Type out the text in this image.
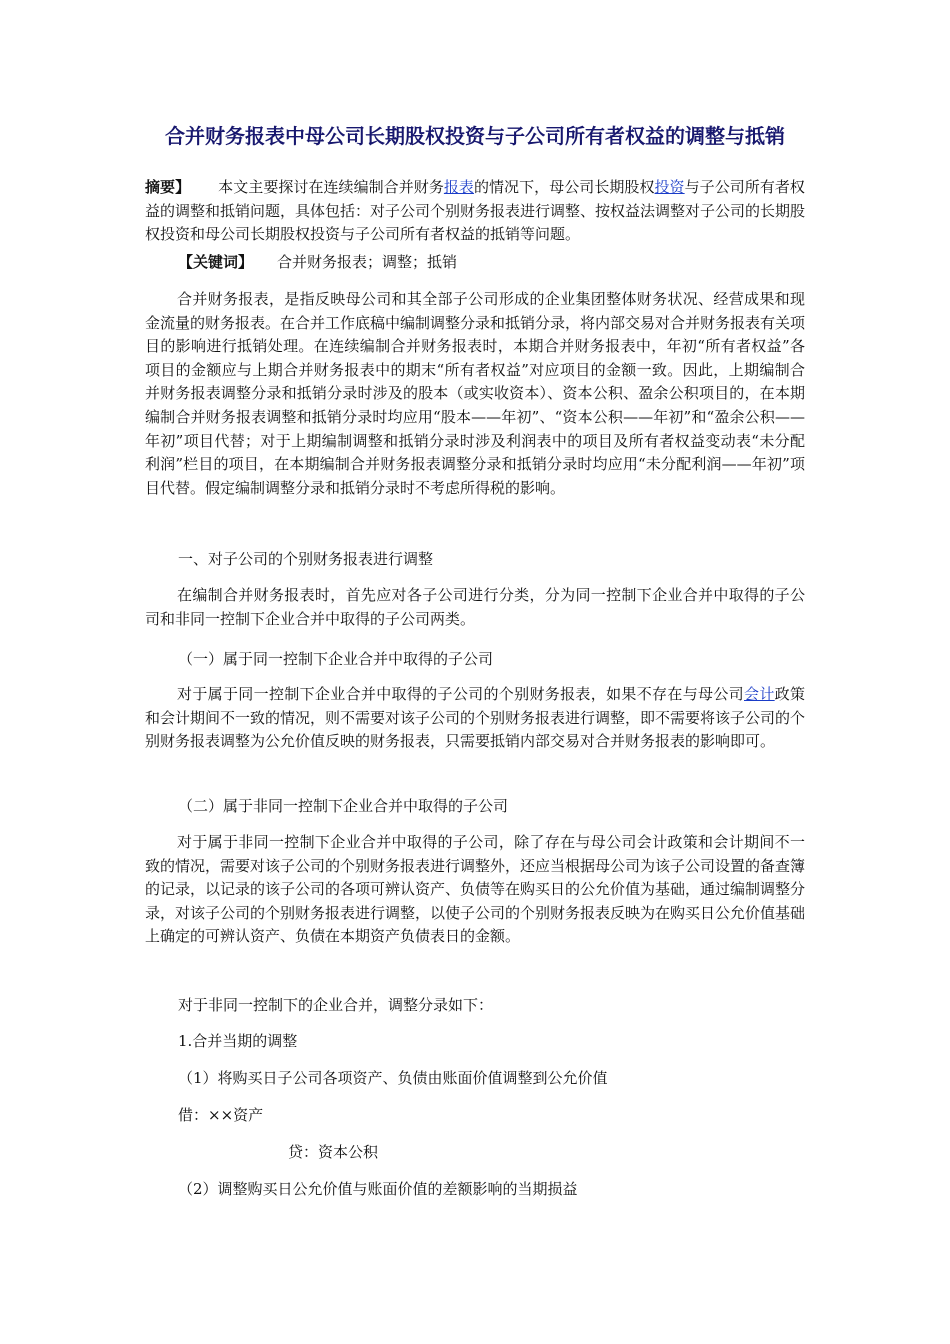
合并财务报表中母公司长期股权投资与子公司所有者权益的调整与抵销
摘要】 本文主要探讨在连续编制合并财务报表的情况下，母公司长期股权投资与子公司所有者权益的调整和抵销问题，具体包括：对子公司个别财务报表进行调整、按权益法调整对子公司的长期股权投资和母公司长期股权投资与子公司所有者权益的抵销等问题。
【关键词】 合并财务报表；调整；抵销
合并财务报表，是指反映母公司和其全部子公司形成的企业集团整体财务状况、经营成果和现金流量的财务报表。在合并工作底稿中编制调整分录和抵销分录，将内部交易对合并财务报表有关项目的影响进行抵销处理。在连续编制合并财务报表时，本期合并财务报表中，年初“所有者权益”各项目的金额应与上期合并财务报表中的期末“所有者权益”对应项目的金额一致。因此，上期编制合并财务报表调整分录和抵销分录时涉及的股本（或实收资本）、资本公积、盈余公积项目的，在本期编制合并财务报表调整和抵销分录时均应用“股本——年初”、“资本公积——年初”和“盈余公积——年初”项目代替；对于上期编制调整和抵销分录时涉及利润表中的项目及所有者权益变动表“未分配利润”栏目的项目，在本期编制合并财务报表调整分录和抵销分录时均应用“未分配利润——年初”项目代替。假定编制调整分录和抵销分录时不考虑所得税的影响。
一、对子公司的个别财务报表进行调整
在编制合并财务报表时，首先应对各子公司进行分类，分为同一控制下企业合并中取得的子公司和非同一控制下企业合并中取得的子公司两类。
（一）属于同一控制下企业合并中取得的子公司
对于属于同一控制下企业合并中取得的子公司的个别财务报表，如果不存在与母公司会计政策和会计期间不一致的情况，则不需要对该子公司的个别财务报表进行调整，即不需要将该子公司的个别财务报表调整为公允价值反映的财务报表，只需要抵销内部交易对合并财务报表的影响即可。
（二）属于非同一控制下企业合并中取得的子公司
对于属于非同一控制下企业合并中取得的子公司，除了存在与母公司会计政策和会计期间不一致的情况，需要对该子公司的个别财务报表进行调整外，还应当根据母公司为该子公司设置的备查簿的记录，以记录的该子公司的各项可辨认资产、负债等在购买日的公允价值为基础，通过编制调整分录，对该子公司的个别财务报表进行调整，以使子公司的个别财务报表反映为在购买日公允价值基础上确定的可辨认资产、负债在本期资产负债表日的金额。
对于非同一控制下的企业合并，调整分录如下：
1.合并当期的调整
（1）将购买日子公司各项资产、负债由账面价值调整到公允价值
借：××资产
贷：资本公积
（2）调整购买日公允价值与账面价值的差额影响的当期损益
